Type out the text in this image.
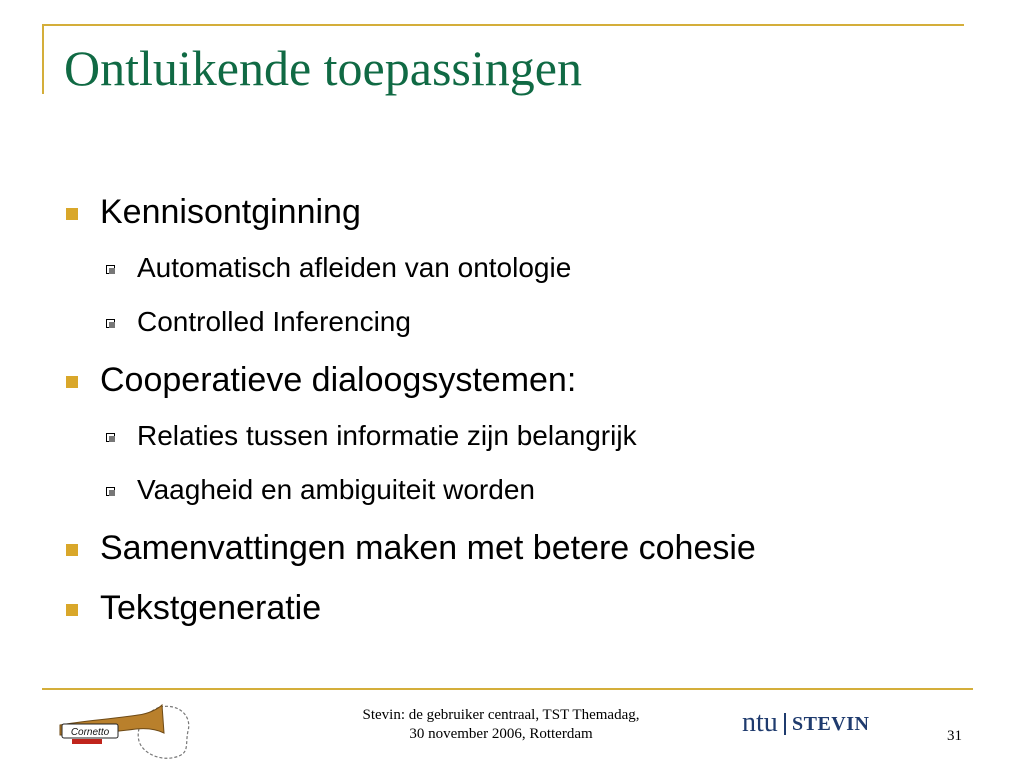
Ontluikende toepassingen
Kennisontginning
Automatisch afleiden van ontologie
Controlled Inferencing
Cooperatieve dialoogsystemen:
Relaties tussen informatie zijn belangrijk
Vaagheid en ambiguiteit worden
Samenvattingen maken met betere cohesie
Tekstgeneratie
Cornetto
Stevin: de gebruiker centraal, TST Themadag,
30 november 2006, Rotterdam	ntu STEVIN
31
